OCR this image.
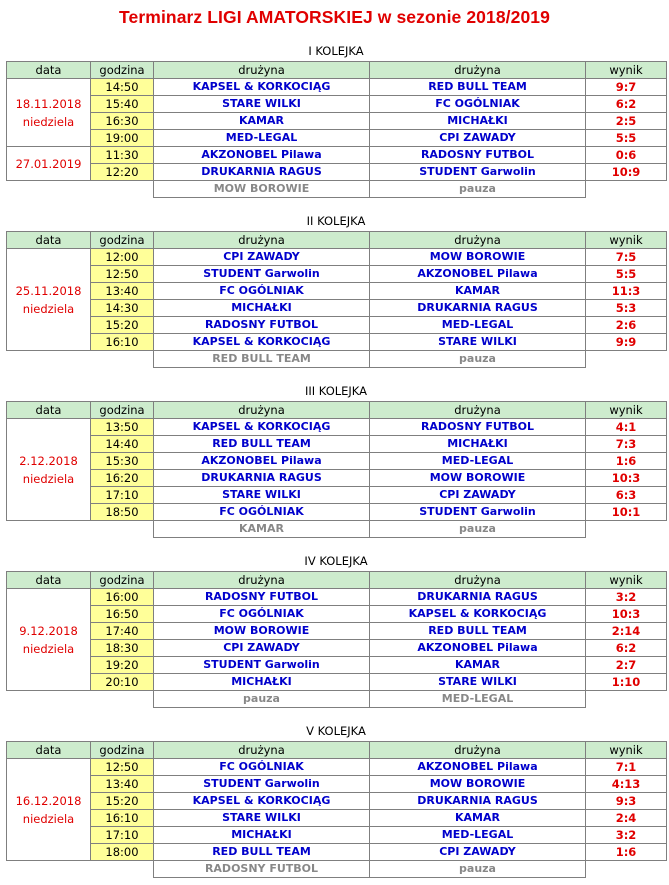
Terminarz LIGI AMATORSKIEJ w sezonie 2018/2019
I KOLEJKA
data	godzina	drużyna	drużyna	wynik

18.11.2018
niedziela	14:50	KAPSEL & KORKOCIĄG	RED BULL TEAM	9:7
	15:40	STARE WILKI	FC OGÓLNIAK	6:2
	16:30	KAMAR	MICHAŁKI	2:5
	19:00	MED-LEGAL	CPI ZAWADY	5:5

27.01.2019	11:30	AKZONOBEL Pilawa	RADOSNY FUTBOL	0:6
	12:20	DRUKARNIA RAGUS	STUDENT Garwolin	10:9
		MOW BOROWIE	pauza	
II KOLEJKA
data	godzina	drużyna	drużyna	wynik

25.11.2018
niedziela	12:00	CPI ZAWADY	MOW BOROWIE	7:5
	12:50	STUDENT Garwolin	AKZONOBEL Pilawa	5:5
	13:40	FC OGÓLNIAK	KAMAR	11:3
	14:30	MICHAŁKI	DRUKARNIA RAGUS	5:3
	15:20	RADOSNY FUTBOL	MED-LEGAL	2:6
	16:10	KAPSEL & KORKOCIĄG	STARE WILKI	9:9
		RED BULL TEAM	pauza	
III KOLEJKA
data	godzina	drużyna	drużyna	wynik

2.12.2018
niedziela	13:50	KAPSEL & KORKOCIĄG	RADOSNY FUTBOL	4:1
	14:40	RED BULL TEAM	MICHAŁKI	7:3
	15:30	AKZONOBEL Pilawa	MED-LEGAL	1:6
	16:20	DRUKARNIA RAGUS	MOW BOROWIE	10:3
	17:10	STARE WILKI	CPI ZAWADY	6:3
	18:50	FC OGÓLNIAK	STUDENT Garwolin	10:1
		KAMAR	pauza	
IV KOLEJKA
data	godzina	drużyna	drużyna	wynik

9.12.2018
niedziela	16:00	RADOSNY FUTBOL	DRUKARNIA RAGUS	3:2
	16:50	FC OGÓLNIAK	KAPSEL & KORKOCIĄG	10:3
	17:40	MOW BOROWIE	RED BULL TEAM	2:14
	18:30	CPI ZAWADY	AKZONOBEL Pilawa	6:2
	19:20	STUDENT Garwolin	KAMAR	2:7
	20:10	MICHAŁKI	STARE WILKI	1:10
		pauza	MED-LEGAL	
V KOLEJKA
data	godzina	drużyna	drużyna	wynik

16.12.2018
niedziela	12:50	FC OGÓLNIAK	AKZONOBEL Pilawa	7:1
	13:40	STUDENT Garwolin	MOW BOROWIE	4:13
	15:20	KAPSEL & KORKOCIĄG	DRUKARNIA RAGUS	9:3
	16:10	STARE WILKI	KAMAR	2:4
	17:10	MICHAŁKI	MED-LEGAL	3:2
	18:00	RED BULL TEAM	CPI ZAWADY	1:6
		RADOSNY FUTBOL	pauza	
